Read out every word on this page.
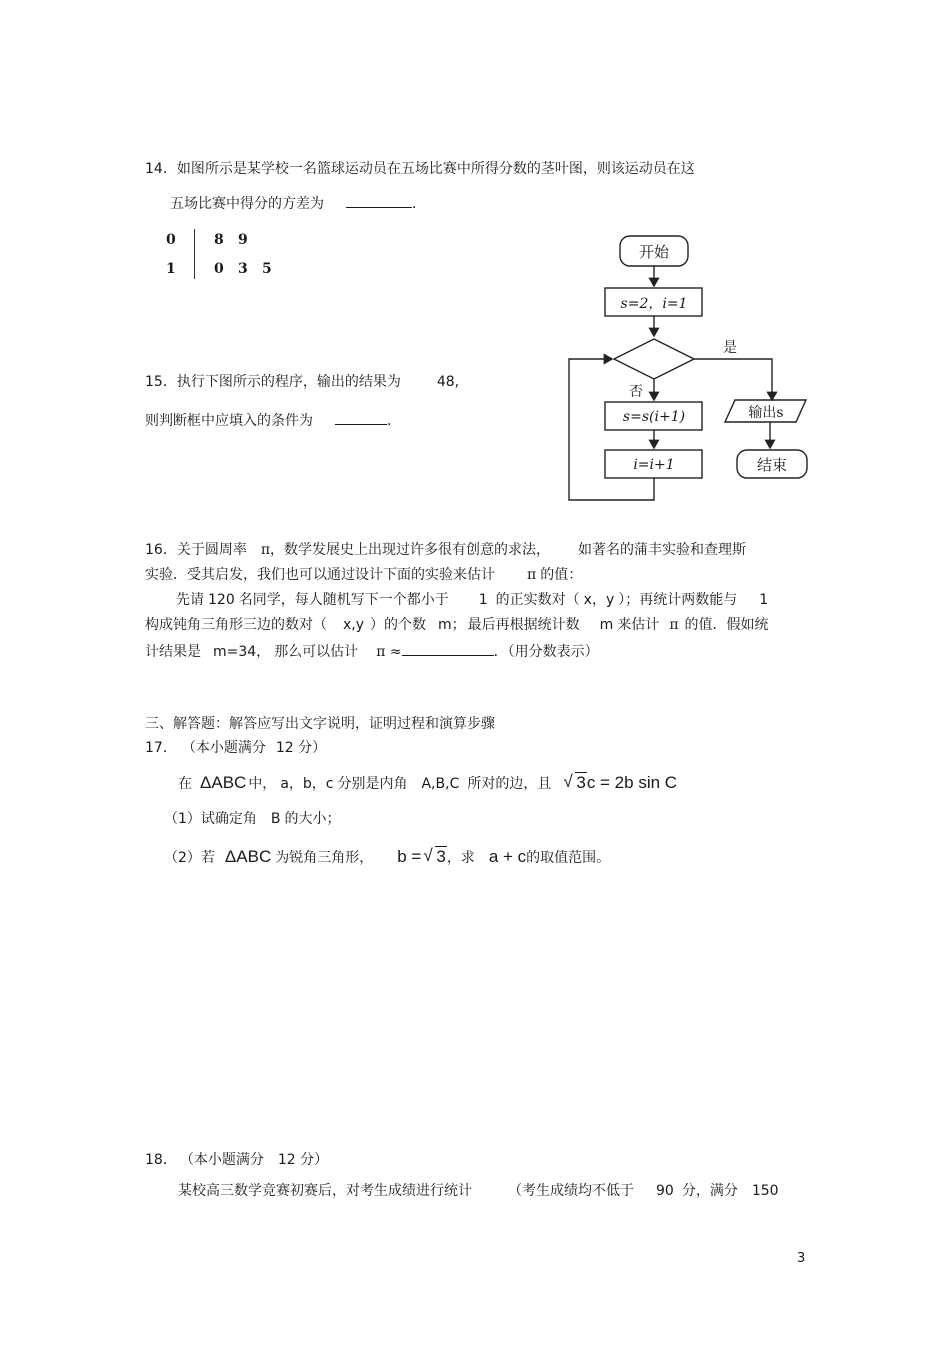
14．如图所示是某学校一名篮球运动员在五场比赛中所得分数的茎叶图，则该运动员在这
五场比赛中得分的方差为	．
0	8 9
1	0 3 5
15．执行下图所示的程序，输出的结果为	48,
则判断框中应填入的条件为	．
开始
s=2，i=1
是
否
s=s(i+1)	输出s
i=i+1	结束
16．关于圆周率 π，数学发展史上出现过许多很有创意的求法， 如著名的蒲丰实验和查理斯
实验．受其启发，我们也可以通过设计下面的实验来估计 π 的值：
先请 120 名同学，每人随机写下一个都小于 1 的正实数对（ x，y ）；再统计两数能与 1
构成钝角三角形三边的数对（ x,y ）的个数 m； 最后再根据统计数 m 来估计 π 的值．假如统
计结果是 m=34， 那么可以估计 π ≈	．（用分数表示）
三、解答题：解答应写出文字说明，证明过程和演算步骤
17． （本小题满分 12 分）
在 ΔABC 中， a，b，c 分别是内角 A,B,C 所对的边，且 √ 3c = 2b sin C
（1）试确定角 B 的大小；
（2）若 ΔABC 为锐角三角形， b = √ 3，求 a + c的取值范围。
18． （本小题满分 12 分）
某校高三数学竞赛初赛后，对考生成绩进行统计	（考生成绩均不低于 90 分，满分 150
3
